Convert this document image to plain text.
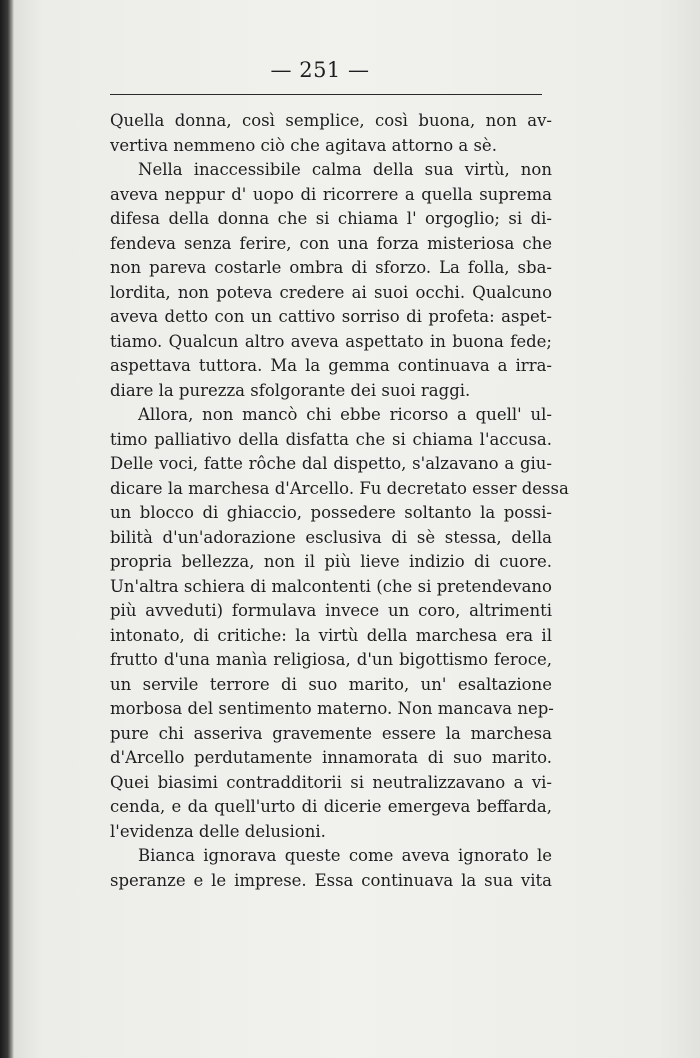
— 251 —
Quella donna, così semplice, così buona, non av-
vertiva nemmeno ciò che agitava attorno a sè.
Nella inaccessibile calma della sua virtù, non
aveva neppur d' uopo di ricorrere a quella suprema
difesa della donna che si chiama l' orgoglio; si di-
fendeva senza ferire, con una forza misteriosa che
non pareva costarle ombra di sforzo. La folla, sba-
lordita, non poteva credere ai suoi occhi. Qualcuno
aveva detto con un cattivo sorriso di profeta: aspet-
tiamo. Qualcun altro aveva aspettato in buona fede;
aspettava tuttora. Ma la gemma continuava a irra-
diare la purezza sfolgorante dei suoi raggi.
Allora, non mancò chi ebbe ricorso a quell' ul-
timo palliativo della disfatta che si chiama l'accusa.
Delle voci, fatte rôche dal dispetto, s'alzavano a giu-
dicare la marchesa d'Arcello. Fu decretato esser dessa
un blocco di ghiaccio, possedere soltanto la possi-
bilità d'un'adorazione esclusiva di sè stessa, della
propria bellezza, non il più lieve indizio di cuore.
Un'altra schiera di malcontenti (che si pretendevano
più avveduti) formulava invece un coro, altrimenti
intonato, di critiche: la virtù della marchesa era il
frutto d'una manìa religiosa, d'un bigottismo feroce,
un servile terrore di suo marito, un' esaltazione
morbosa del sentimento materno. Non mancava nep-
pure chi asseriva gravemente essere la marchesa
d'Arcello perdutamente innamorata di suo marito.
Quei biasimi contradditorii si neutralizzavano a vi-
cenda, e da quell'urto di dicerie emergeva beffarda,
l'evidenza delle delusioni.
Bianca ignorava queste come aveva ignorato le
speranze e le imprese. Essa continuava la sua vita
